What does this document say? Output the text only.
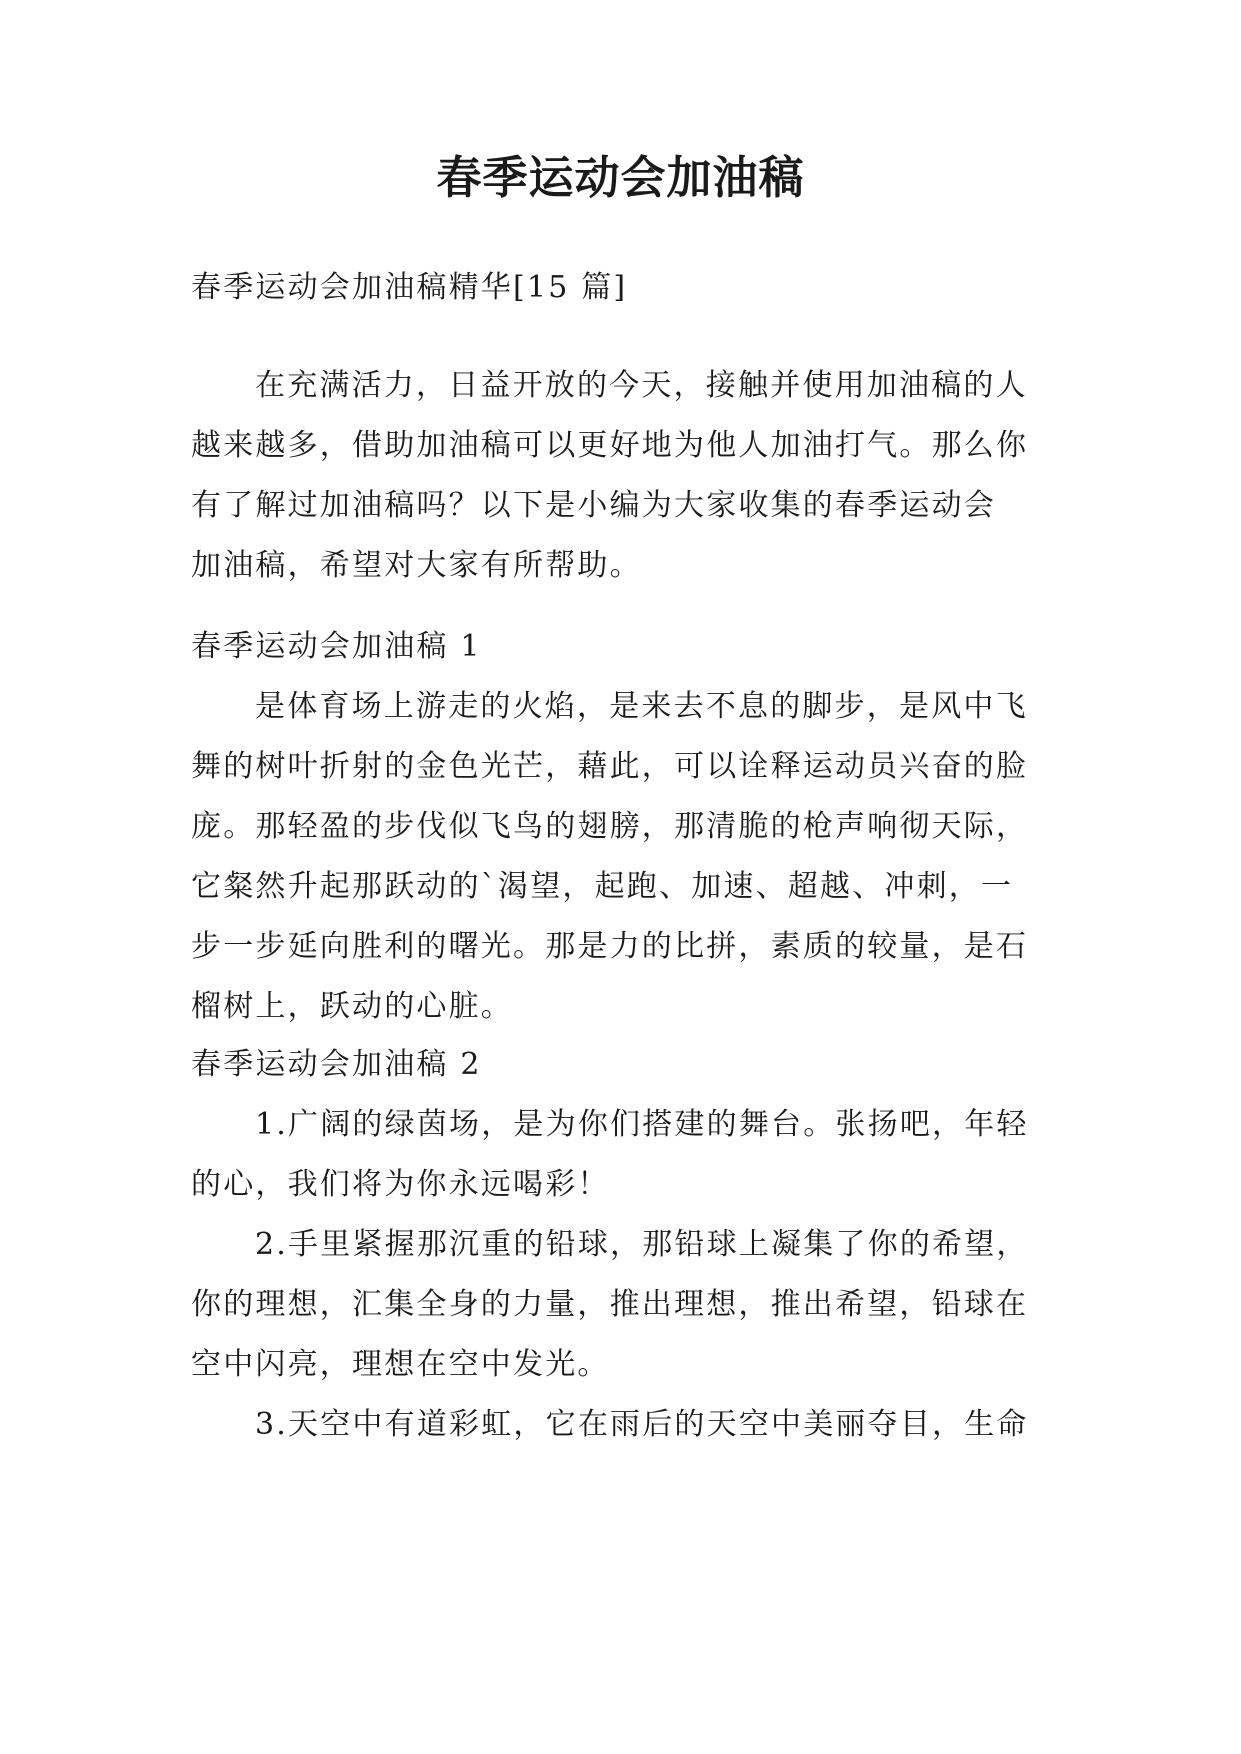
春季运动会加油稿

春季运动会加油稿精华[15 篇]

在充满活力，日益开放的今天，接触并使用加油稿的人
越来越多，借助加油稿可以更好地为他人加油打气。那么你
有了解过加油稿吗？以下是小编为大家收集的春季运动会
加油稿，希望对大家有所帮助。

春季运动会加油稿 1

是体育场上游走的火焰，是来去不息的脚步，是风中飞
舞的树叶折射的金色光芒，藉此，可以诠释运动员兴奋的脸
庞。那轻盈的步伐似飞鸟的翅膀，那清脆的枪声响彻天际，
它粲然升起那跃动的`渴望，起跑、加速、超越、冲刺，一
步一步延向胜利的曙光。那是力的比拼，素质的较量，是石
榴树上，跃动的心脏。

春季运动会加油稿 2

1.广阔的绿茵场，是为你们搭建的舞台。张扬吧，年轻
的心，我们将为你永远喝彩！

2.手里紧握那沉重的铅球，那铅球上凝集了你的希望，
你的理想，汇集全身的力量，推出理想，推出希望，铅球在
空中闪亮，理想在空中发光。

3.天空中有道彩虹，它在雨后的天空中美丽夺目，生命
